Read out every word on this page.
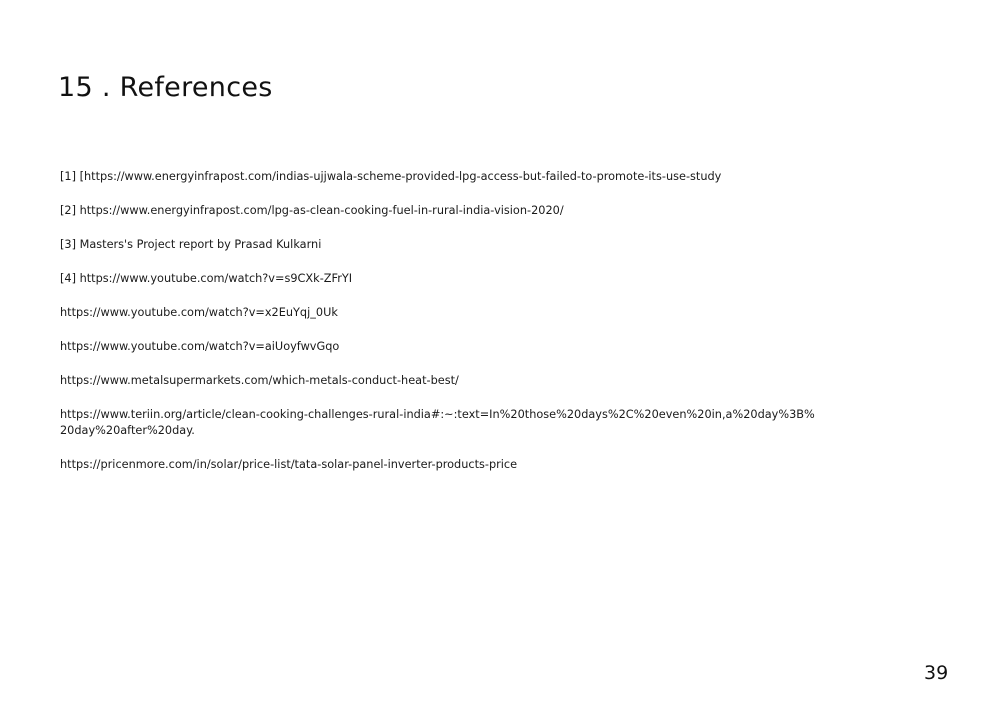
15 . References
[1] [https://www.energyinfrapost.com/indias-ujjwala-scheme-provided-lpg-access-but-failed-to-promote-its-use-study
[2] https://www.energyinfrapost.com/lpg-as-clean-cooking-fuel-in-rural-india-vision-2020/
[3] Masters's Project report by Prasad Kulkarni
[4] https://www.youtube.com/watch?v=s9CXk-ZFrYI
https://www.youtube.com/watch?v=x2EuYqj_0Uk
https://www.youtube.com/watch?v=aiUoyfwvGqo
https://www.metalsupermarkets.com/which-metals-conduct-heat-best/
https://www.teriin.org/article/clean-cooking-challenges-rural-india#:~:text=In%20those%20days%2C%20even%20in,a%20day%3B%20day%20after%20day.
https://pricenmore.com/in/solar/price-list/tata-solar-panel-inverter-products-price
39
